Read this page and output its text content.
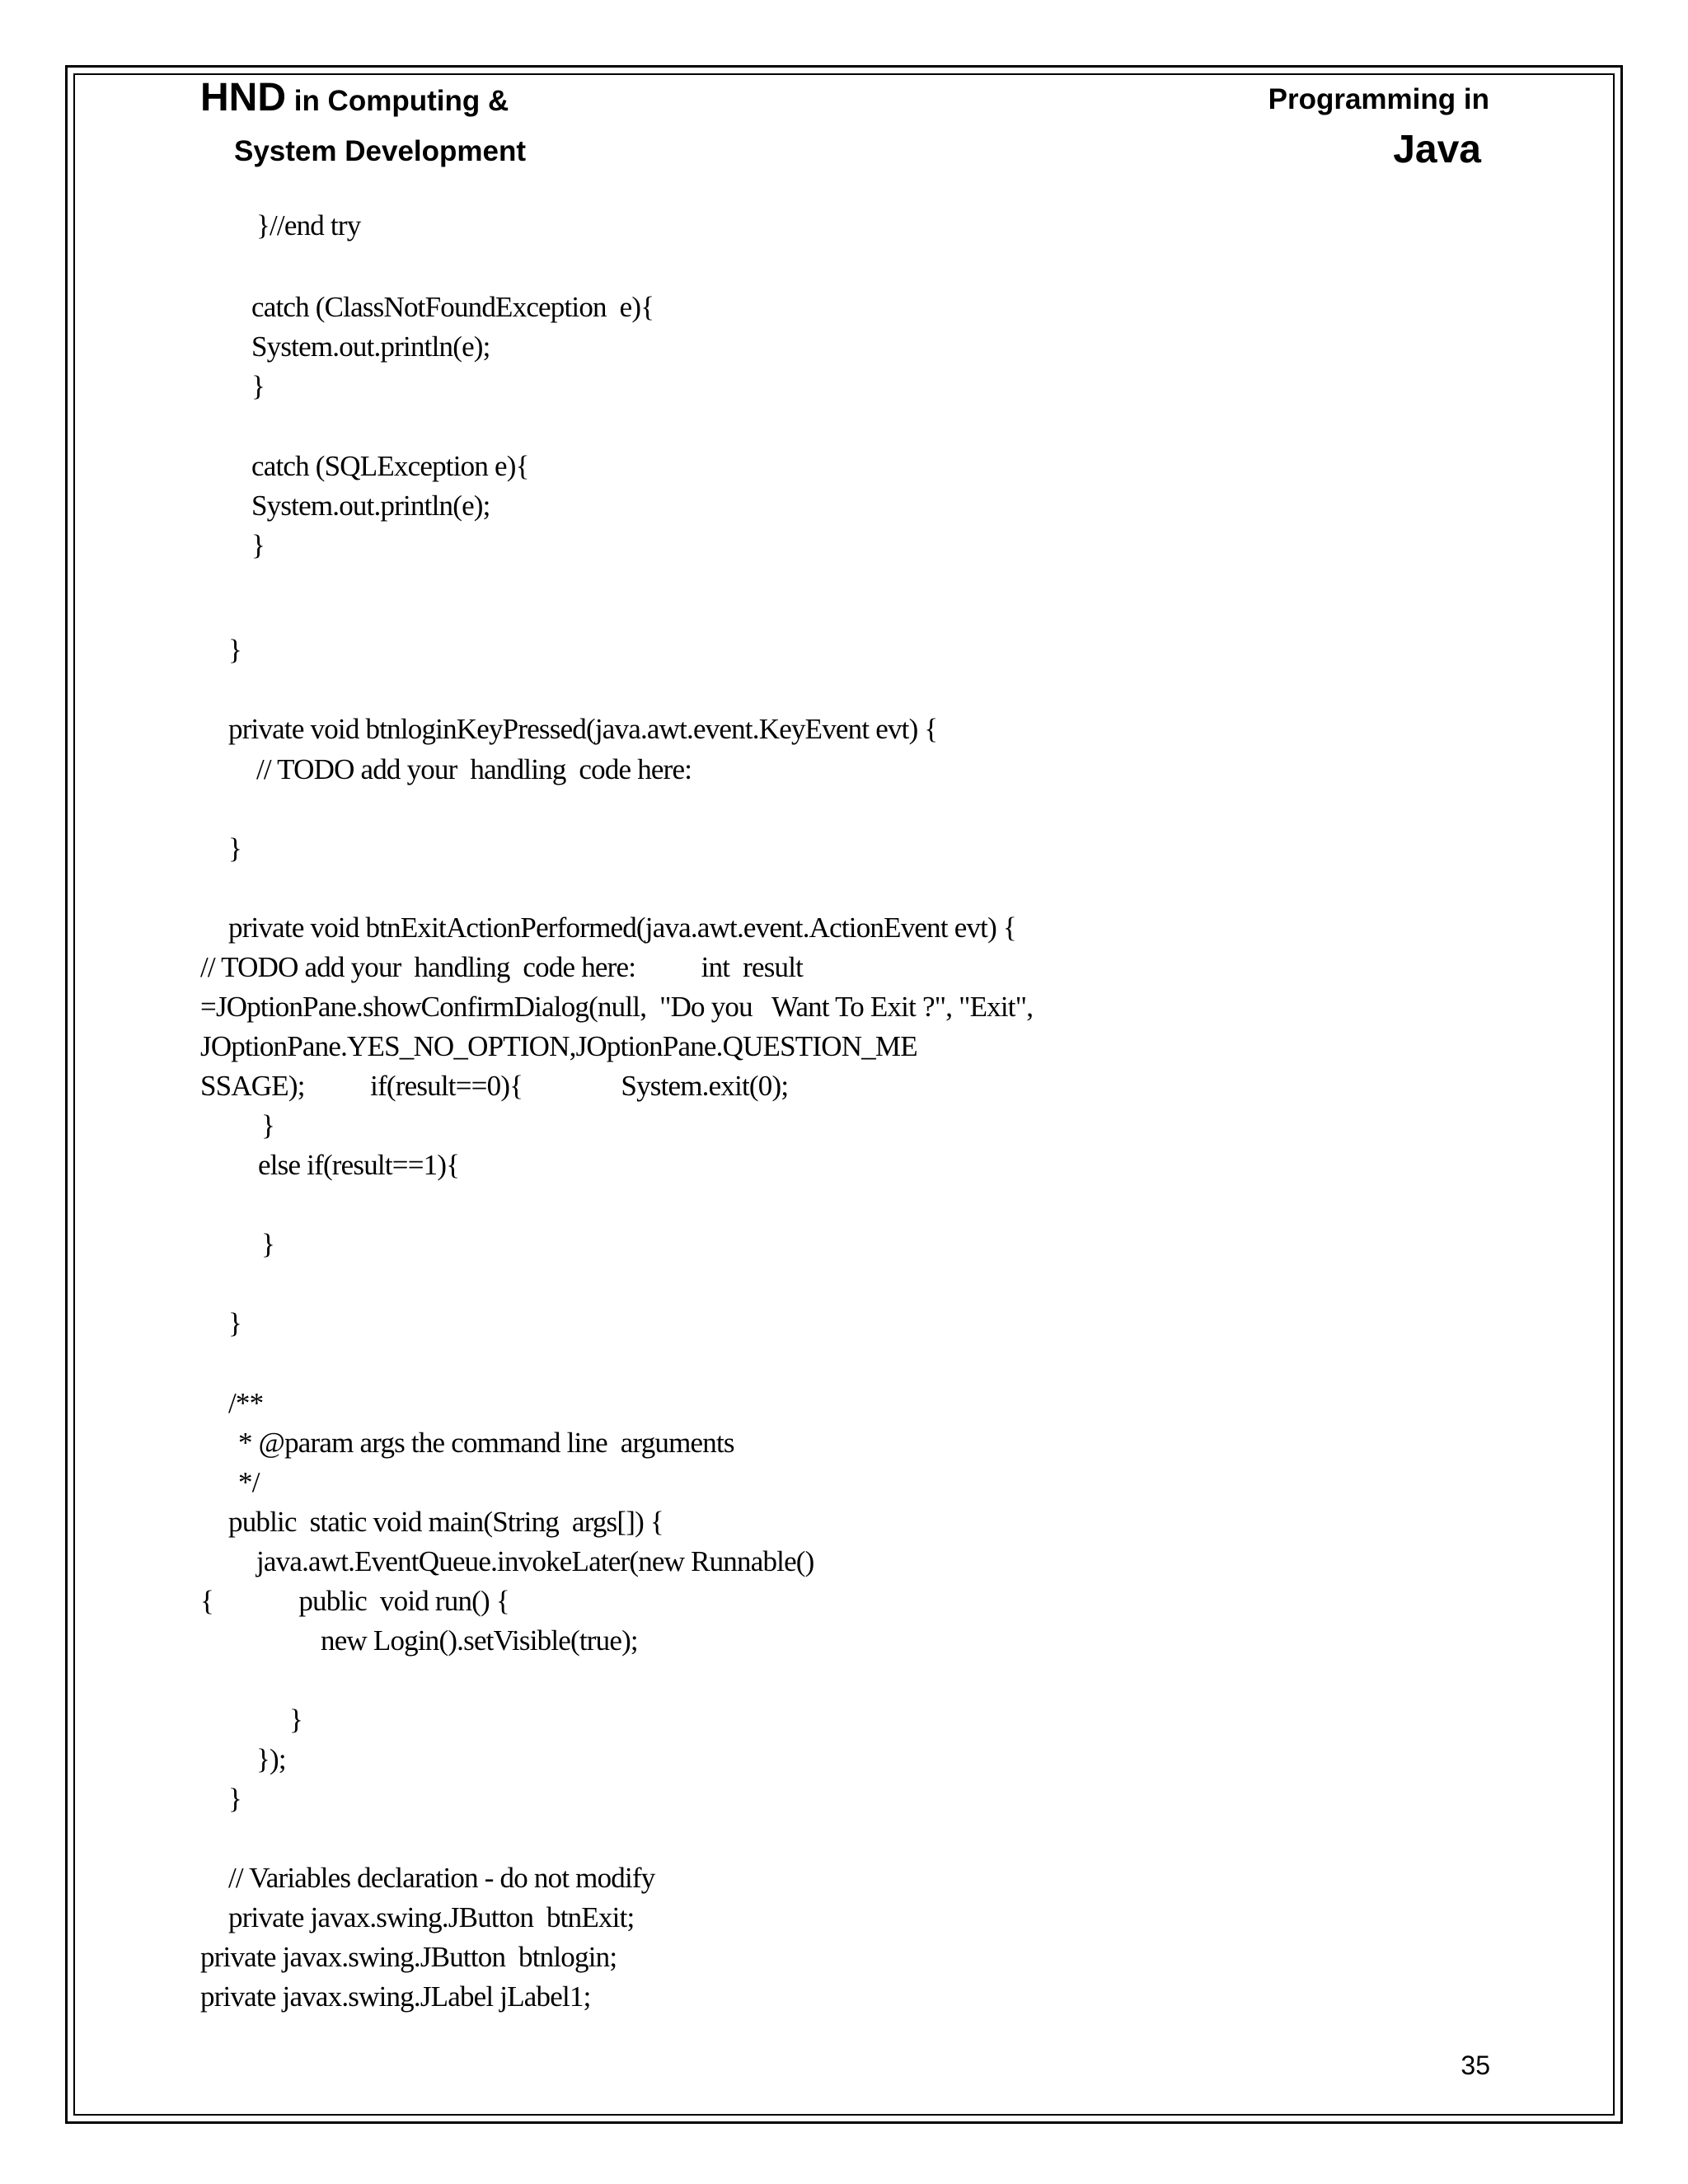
HND in Computing &
System Development
Programming in
Java
}//end try
catch (ClassNotFoundException  e){
System.out.println(e);
}
catch (SQLException e){
System.out.println(e);
}
}
private void btnloginKeyPressed(java.awt.event.KeyEvent evt) {
// TODO add your  handling  code here:
}
private void btnExitActionPerformed(java.awt.event.ActionEvent evt) {
// TODO add your  handling  code here:          int  result
=JOptionPane.showConfirmDialog(null,  "Do you   Want To Exit ?", "Exit",
JOptionPane.YES_NO_OPTION,JOptionPane.QUESTION_ME
SSAGE);          if(result==0){               System.exit(0);
}
else if(result==1){
}
}
/**
* @param args the command line  arguments
*/
public  static void main(String  args[]) {
java.awt.EventQueue.invokeLater(new Runnable()
{             public  void run() {
new Login().setVisible(true);
}
});
}
// Variables declaration - do not modify
private javax.swing.JButton  btnExit;
private javax.swing.JButton  btnlogin;
private javax.swing.JLabel jLabel1;
35
